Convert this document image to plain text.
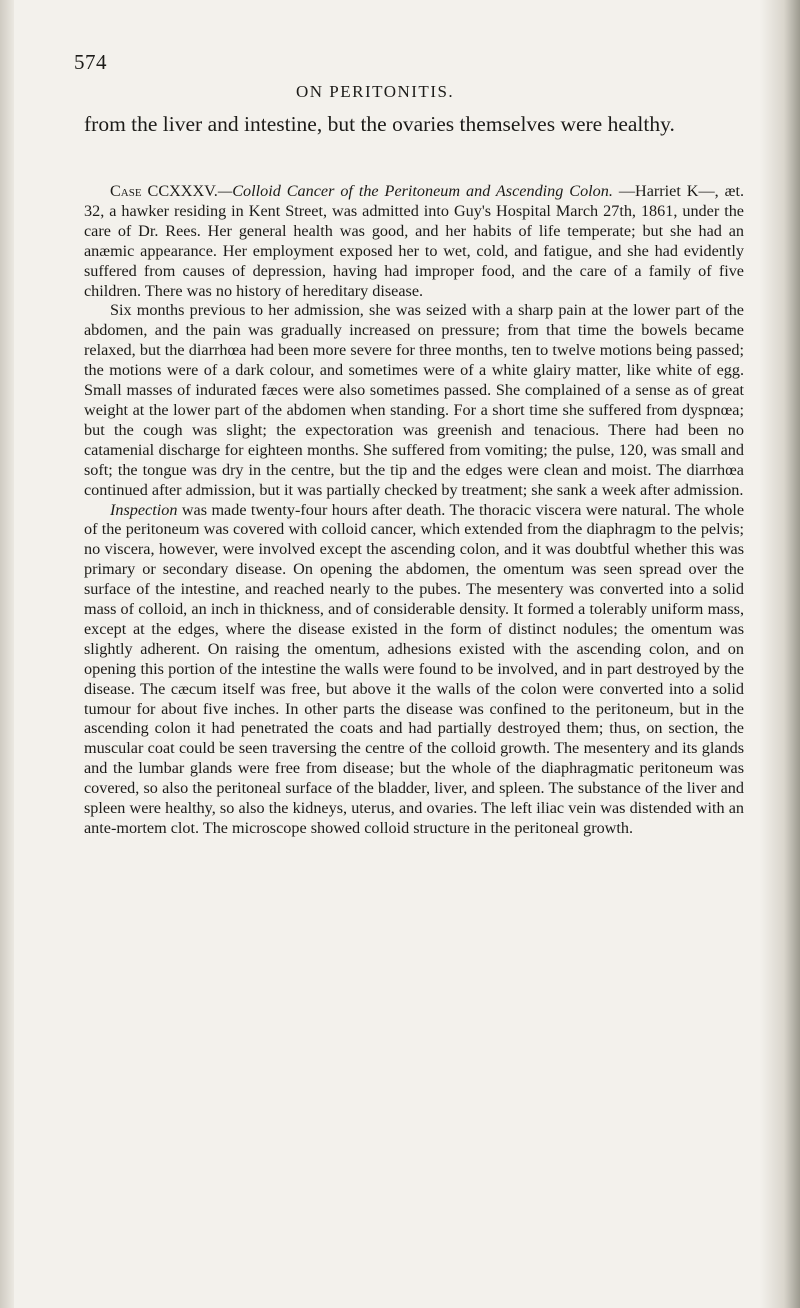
574
ON PERITONITIS.
from the liver and intestine, but the ovaries themselves were healthy.

Case CCXXXV.—Colloid Cancer of the Peritoneum and Ascending Colon. —Harriet K—, æt. 32, a hawker residing in Kent Street, was admitted into Guy's Hospital March 27th, 1861, under the care of Dr. Rees. Her general health was good, and her habits of life temperate; but she had an anæmic appearance. Her employment exposed her to wet, cold, and fatigue, and she had evidently suffered from causes of depression, having had improper food, and the care of a family of five children. There was no history of hereditary disease.

Six months previous to her admission, she was seized with a sharp pain at the lower part of the abdomen, and the pain was gradually increased on pressure; from that time the bowels became relaxed, but the diarrhœa had been more severe for three months, ten to twelve motions being passed; the motions were of a dark colour, and sometimes were of a white glairy matter, like white of egg. Small masses of indurated fæces were also sometimes passed. She complained of a sense as of great weight at the lower part of the abdomen when standing. For a short time she suffered from dyspnœa; but the cough was slight; the expectoration was greenish and tenacious. There had been no catamenial discharge for eighteen months. She suffered from vomiting; the pulse, 120, was small and soft; the tongue was dry in the centre, but the tip and the edges were clean and moist. The diarrhœa continued after admission, but it was partially checked by treatment; she sank a week after admission.

Inspection was made twenty-four hours after death. The thoracic viscera were natural. The whole of the peritoneum was covered with colloid cancer, which extended from the diaphragm to the pelvis; no viscera, however, were involved except the ascending colon, and it was doubtful whether this was primary or secondary disease. On opening the abdomen, the omentum was seen spread over the surface of the intestine, and reached nearly to the pubes. The mesentery was converted into a solid mass of colloid, an inch in thickness, and of considerable density. It formed a tolerably uniform mass, except at the edges, where the disease existed in the form of distinct nodules; the omentum was slightly adherent. On raising the omentum, adhesions existed with the ascending colon, and on opening this portion of the intestine the walls were found to be involved, and in part destroyed by the disease. The cæcum itself was free, but above it the walls of the colon were converted into a solid tumour for about five inches. In other parts the disease was confined to the peritoneum, but in the ascending colon it had penetrated the coats and had partially destroyed them; thus, on section, the muscular coat could be seen traversing the centre of the colloid growth. The mesentery and its glands and the lumbar glands were free from disease; but the whole of the diaphragmatic peritoneum was covered, so also the peritoneal surface of the bladder, liver, and spleen. The substance of the liver and spleen were healthy, so also the kidneys, uterus, and ovaries. The left iliac vein was distended with an ante-mortem clot. The microscope showed colloid structure in the peritoneal growth.
